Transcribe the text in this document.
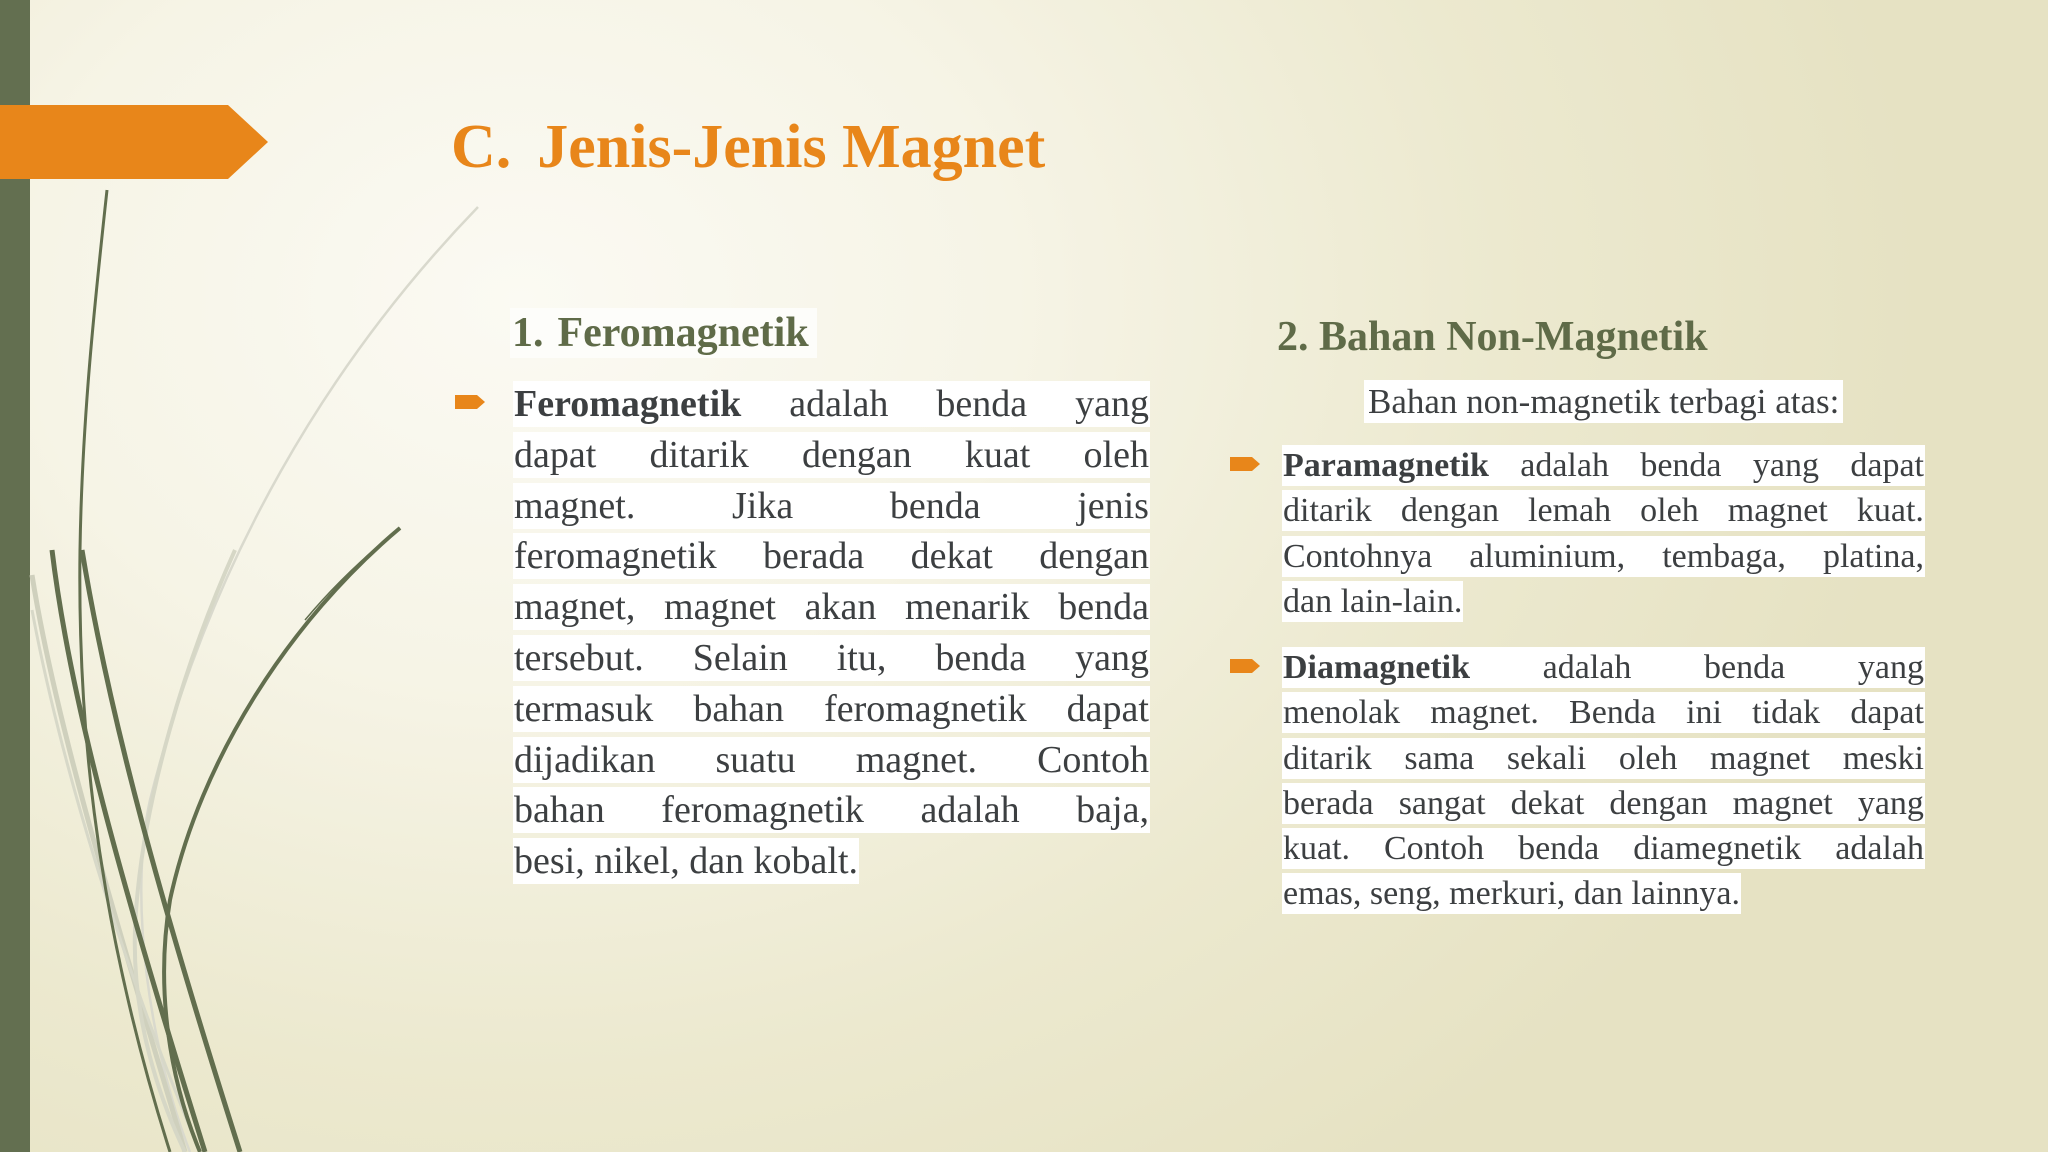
C. Jenis-Jenis Magnet
1. Feromagnetik
Feromagnetik adalah benda yang
dapat ditarik dengan kuat oleh
magnet.	Jika	benda	jenis
feromagnetik berada dekat dengan
magnet, magnet akan menarik benda
tersebut. Selain itu, benda yang
termasuk bahan feromagnetik dapat
dijadikan suatu magnet. Contoh
bahan feromagnetik adalah baja,
besi, nikel, dan kobalt.
2. Bahan Non-Magnetik
Bahan non-magnetik terbagi atas:
Paramagnetik adalah benda yang dapat
ditarik dengan lemah oleh magnet kuat.
Contohnya aluminium, tembaga, platina,
dan lain-lain.
Diamagnetik adalah benda yang
menolak magnet. Benda ini tidak dapat
ditarik sama sekali oleh magnet meski
berada sangat dekat dengan magnet yang
kuat. Contoh benda diamegnetik adalah
emas, seng, merkuri, dan lainnya.
